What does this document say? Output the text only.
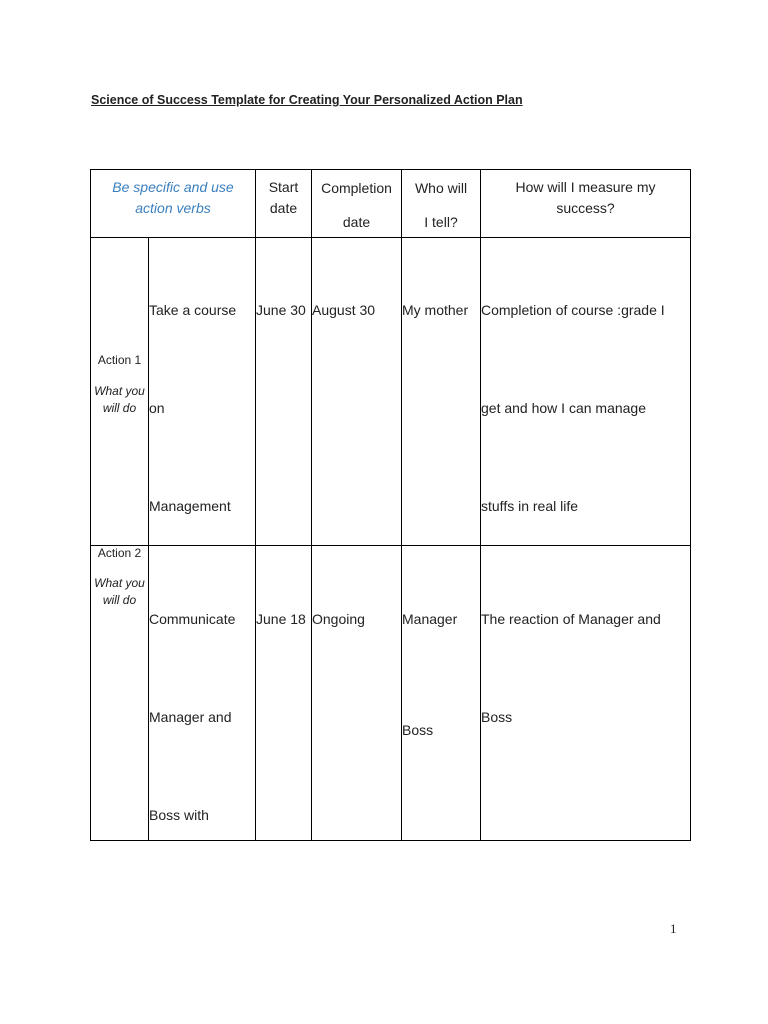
Science of Success Template for Creating Your Personalized Action Plan
Be specific and use
action verbs
Start
date
Completion
date
Who will
I tell?
How will I measure my
success?
Action 1
What you
will do
Take a course
on
Management
June 30 August 30	My mother Completion of course :grade I
get and how I can manage
stuffs in real life
Action 2
What you
will do
Communicate
Manager and
Boss with
June 18 Ongoing	Manager
Boss
The reaction of Manager and
Boss
1
